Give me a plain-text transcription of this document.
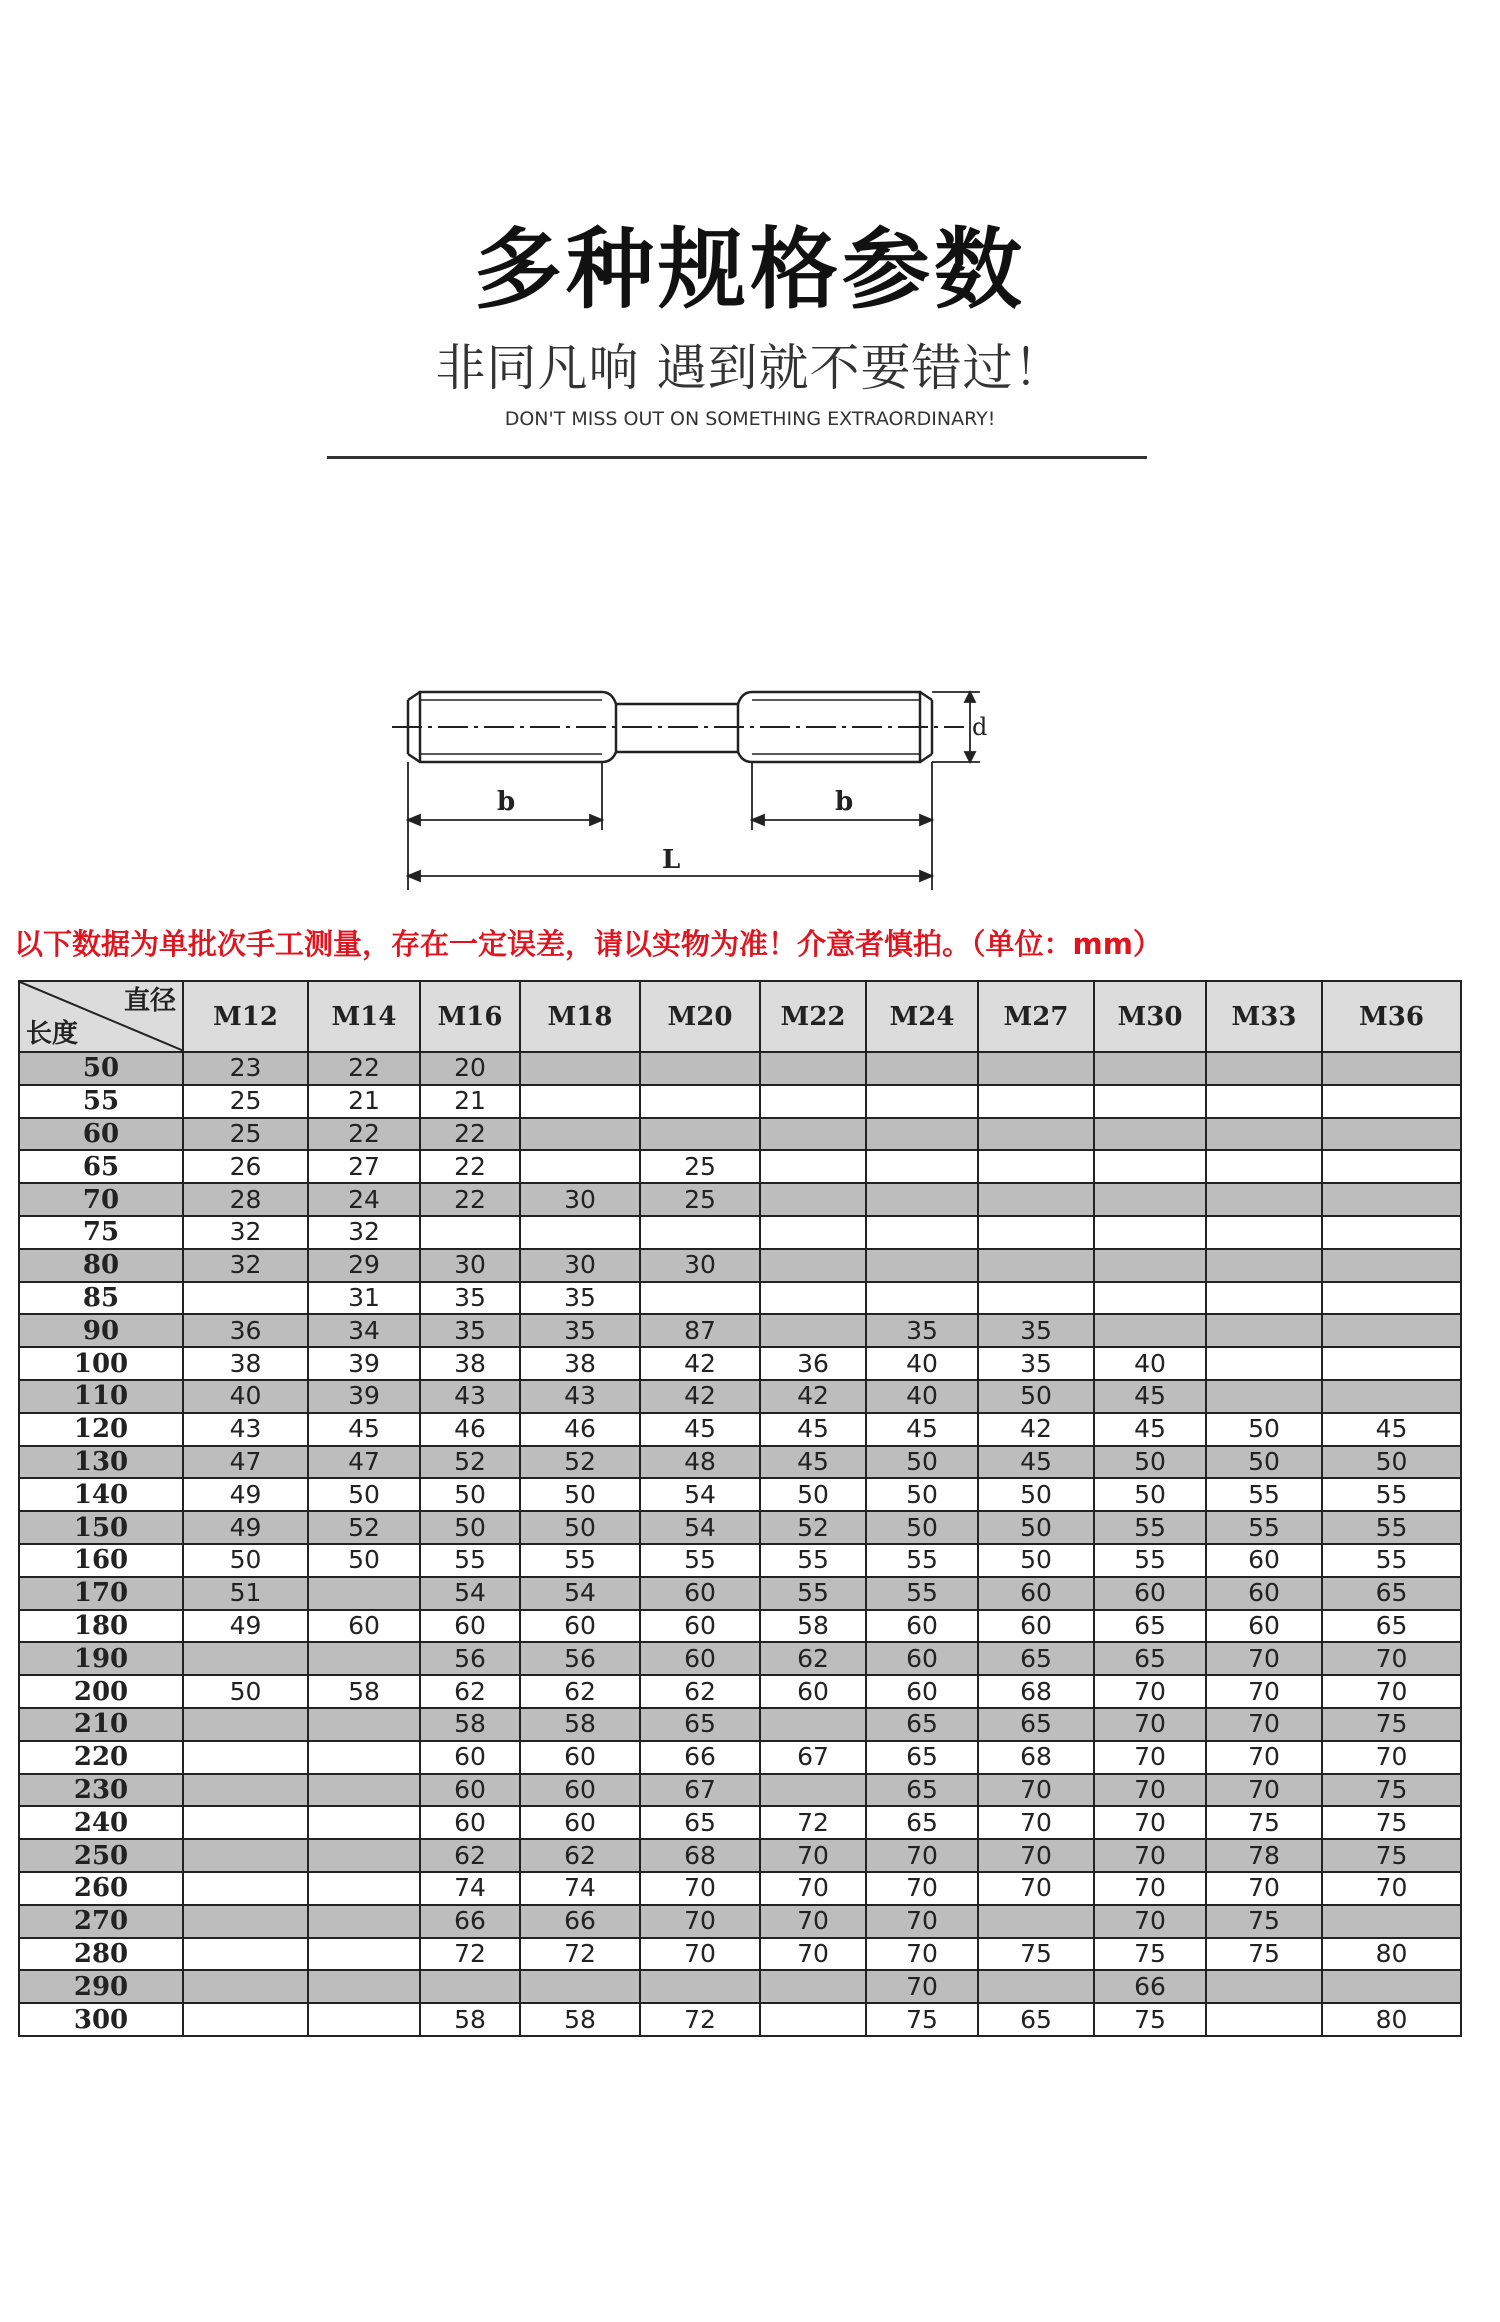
多种规格参数
非同凡响 遇到就不要错过！
DON'T MISS OUT ON SOMETHING EXTRAORDINARY!
d
b	b
L
以下数据为单批次手工测量，存在一定误差，请以实物为准！介意者慎拍。（单位：mm）
直径
长度	M12	M14	M16	M18	M20	M22	M24	M27	M30	M33	M36
50	23	22	20								
55	25	21	21								
60	25	22	22								
65	26	27	22		25						
70	28	24	22	30	25						
75	32	32									
80	32	29	30	30	30						
85		31	35	35							
90	36	34	35	35	87		35	35			
100	38	39	38	38	42	36	40	35	40		
110	40	39	43	43	42	42	40	50	45		
120	43	45	46	46	45	45	45	42	45	50	45
130	47	47	52	52	48	45	50	45	50	50	50
140	49	50	50	50	54	50	50	50	50	55	55
150	49	52	50	50	54	52	50	50	55	55	55
160	50	50	55	55	55	55	55	50	55	60	55
170	51		54	54	60	55	55	60	60	60	65
180	49	60	60	60	60	58	60	60	65	60	65
190			56	56	60	62	60	65	65	70	70
200	50	58	62	62	62	60	60	68	70	70	70
210			58	58	65		65	65	70	70	75
220			60	60	66	67	65	68	70	70	70
230			60	60	67		65	70	70	70	75
240			60	60	65	72	65	70	70	75	75
250			62	62	68	70	70	70	70	78	75
260			74	74	70	70	70	70	70	70	70
270			66	66	70	70	70		70	75	
280			72	72	70	70	70	75	75	75	80
290							70		66		
300			58	58	72		75	65	75		80
